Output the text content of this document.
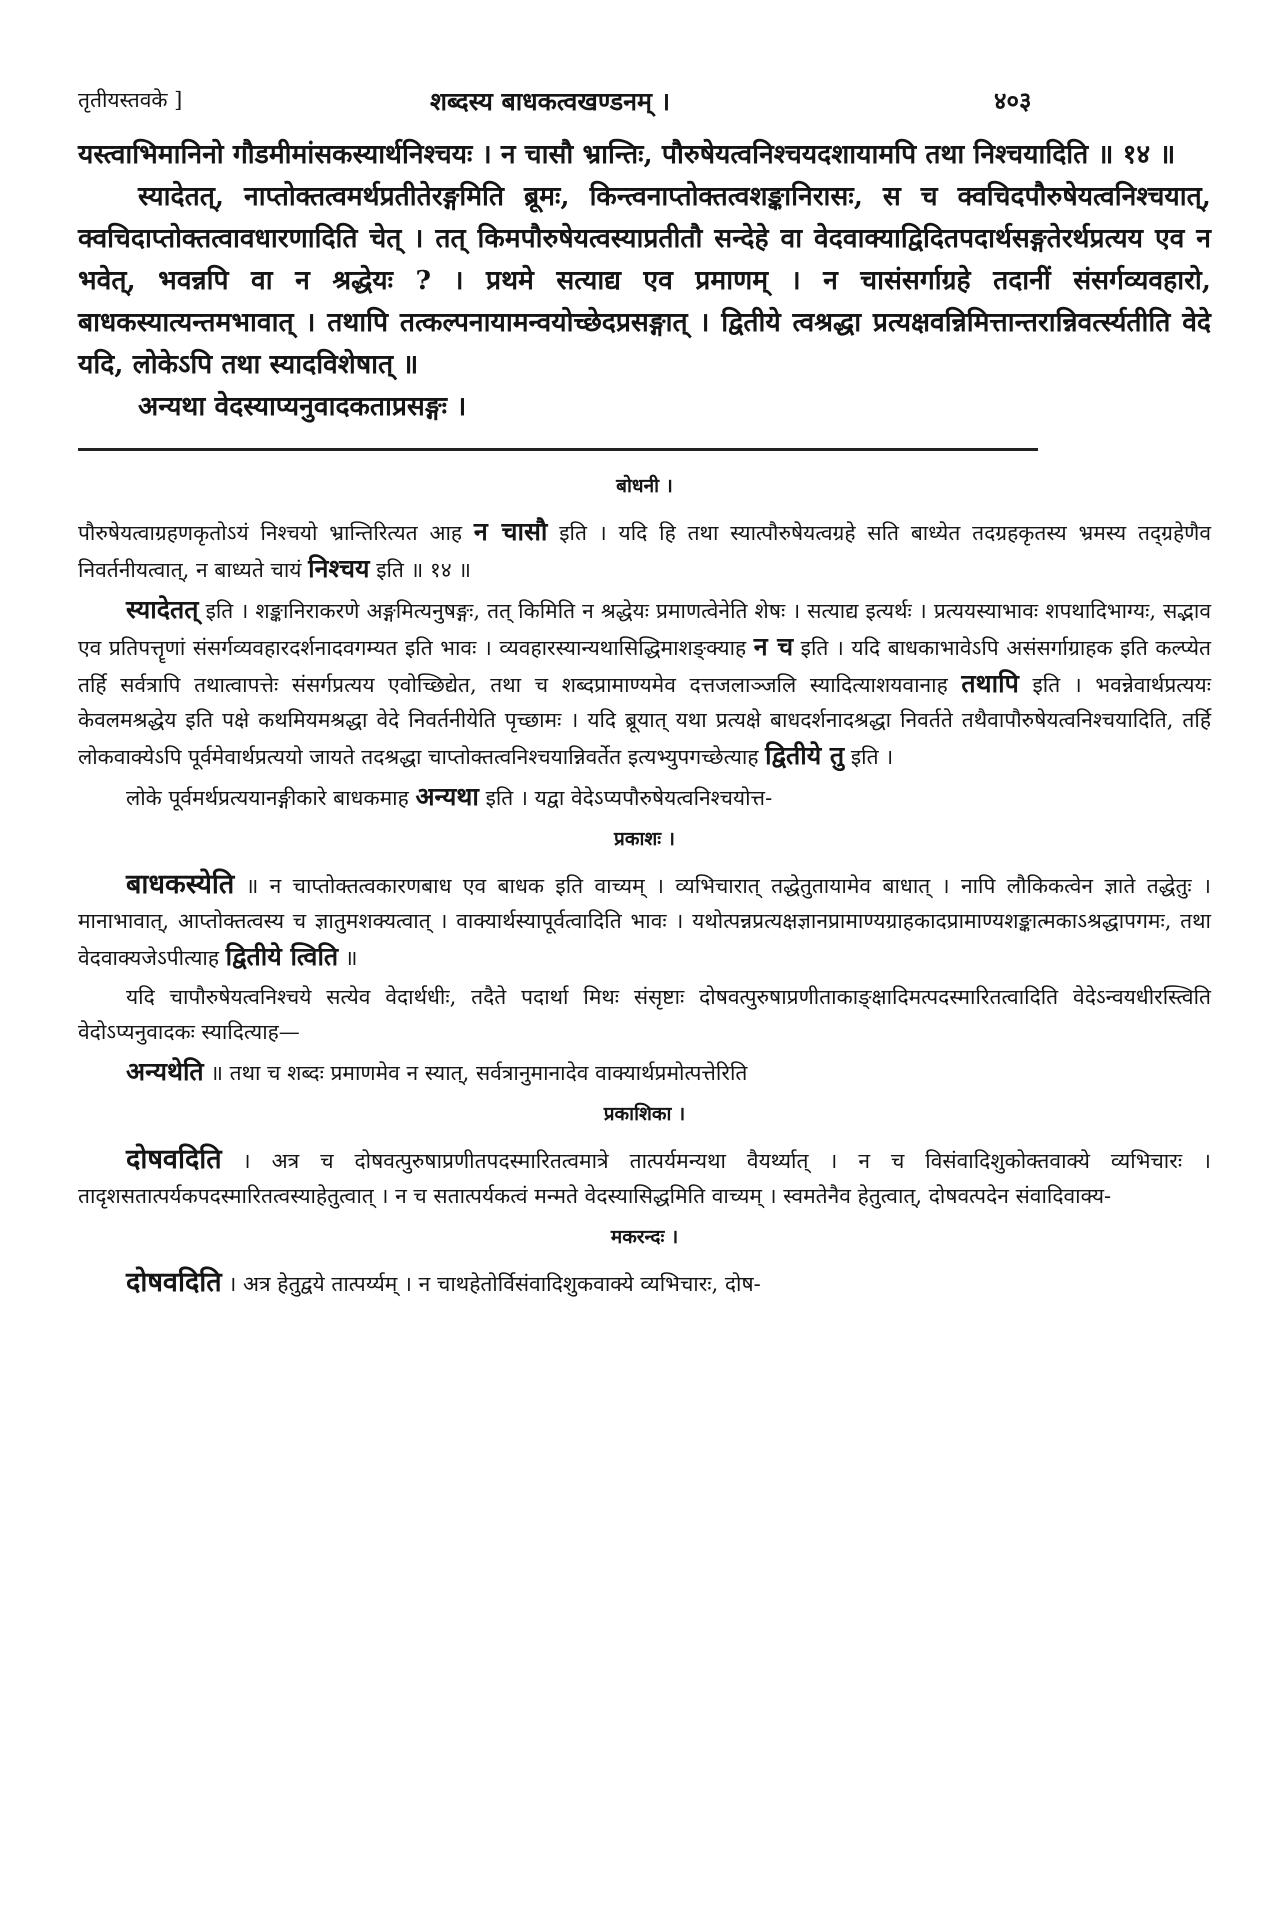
तृतीयस्तवके ]	शब्दस्य बाधकत्वखण्डनम् ।	४०३

यस्त्वाभिमानिनो गौडमीमांसकस्यार्थनिश्चयः । न चासौ भ्रान्तिः, पौरुषेयत्वनिश्चयदशायामपि तथा निश्चयादिति ॥ १४ ॥

स्यादेतत्, नाप्तोक्तत्वमर्थप्रतीतेरङ्गमिति ब्रूमः, किन्त्वनाप्तोक्तत्वशङ्कानिरासः, स च क्वचिदपौरुषेयत्वनिश्चयात्, क्वचिदाप्तोक्तत्वावधारणादिति चेत् । तत् किमपौरुषेयत्वस्याप्रतीतौ सन्देहे वा वेदवाक्याद्विदितपदार्थसङ्गतेरर्थप्रत्यय एव न भवेत्, भवन्नपि वा न श्रद्धेयः ? । प्रथमे सत्याद्य एव प्रमाणम् । न चासंसर्गाग्रहे तदानीं संसर्गव्यवहारो, बाधकस्यात्यन्तमभावात् । तथापि तत्कल्पनायामन्वयोच्छेदप्रसङ्गात् । द्वितीये त्वश्रद्धा प्रत्यक्षवन्निमित्तान्तरान्निवर्त्स्यतीति वेदे यदि, लोकेऽपि तथा स्यादविशेषात् ॥

अन्यथा वेदस्याप्यनुवादकताप्रसङ्गः ।

बोधनी ।

पौरुषेयत्वाग्रहणकृतोऽयं निश्चयो भ्रान्तिरित्यत आह न चासौ इति । यदि हि तथा स्यात्पौरुषेयत्वग्रहे सति बाध्येत तदग्रहकृतस्य भ्रमस्य तद्ग्रहेणैव निवर्तनीयत्वात्, न बाध्यते चायं निश्चय इति ॥ १४ ॥

स्यादेतत् इति । शङ्कानिराकरणे अङ्गमित्यनुषङ्गः, तत् किमिति न श्रद्धेयः प्रमाणत्वेनेति शेषः । सत्याद्य इत्यर्थः । प्रत्ययस्याभावः शपथादिभाग्यः, सद्भाव एव प्रतिपत्तॄणां संसर्गव्यवहारदर्शनादवगम्यत इति भावः । व्यवहारस्यान्यथासिद्धिमाशङ्क्याह न च इति । यदि बाधकाभावेऽपि असंसर्गाग्राहक इति कल्प्येत तर्हि सर्वत्रापि तथात्वापत्तेः संसर्गप्रत्यय एवोच्छिद्येत, तथा च शब्दप्रामाण्यमेव दत्तजलाञ्जलि स्यादित्याशयवानाह तथापि इति । भवन्नेवार्थप्रत्ययः केवलमश्रद्धेय इति पक्षे कथमियमश्रद्धा वेदे निवर्तनीयेति पृच्छामः । यदि ब्रूयात् यथा प्रत्यक्षे बाधदर्शनादश्रद्धा निवर्तते तथैवापौरुषेयत्वनिश्चयादिति, तर्हि लोकवाक्येऽपि पूर्वमेवार्थप्रत्ययो जायते तदश्रद्धा चाप्तोक्तत्वनिश्चयान्निवर्तेत इत्यभ्युपगच्छेत्याह द्वितीये तु इति ।

लोके पूर्वमर्थप्रत्ययानङ्गीकारे बाधकमाह अन्यथा इति । यद्वा वेदेऽप्यपौरुषेयत्वनिश्चयोत्त-

प्रकाशः ।

बाधकस्येति ॥ न चाप्तोक्तत्वकारणबाध एव बाधक इति वाच्यम् । व्यभिचारात् तद्धेतुतायामेव बाधात् । नापि लौकिकत्वेन ज्ञाते तद्धेतुः । मानाभावात्, आप्तोक्तत्वस्य च ज्ञातुमशक्यत्वात् । वाक्यार्थस्यापूर्वत्वादिति भावः । यथोत्पन्नप्रत्यक्षज्ञानप्रामाण्यग्राहकादप्रामाण्यशङ्कात्मकाऽश्रद्धापगमः, तथा वेदवाक्यजेऽपीत्याह द्वितीये त्विति ॥

यदि चापौरुषेयत्वनिश्चये सत्येव वेदार्थधीः, तदैते पदार्था मिथः संसृष्टाः दोषवत्पुरुषाप्रणीताकाङ्क्षादिमत्पदस्मारितत्वादिति वेदेऽन्वयधीरस्त्विति वेदोऽप्यनुवादकः स्यादित्याह—

अन्यथेति ॥ तथा च शब्दः प्रमाणमेव न स्यात्, सर्वत्रानुमानादेव वाक्यार्थप्रमोत्पत्तेरिति

प्रकाशिका ।

दोषवदिति । अत्र च दोषवत्पुरुषाप्रणीतपदस्मारितत्वमात्रे तात्पर्यमन्यथा वैयर्थ्यात् । न च विसंवादिशुकोक्तवाक्ये व्यभिचारः । तादृशसतात्पर्यकपदस्मारितत्वस्याहेतुत्वात् । न च सतात्पर्यकत्वं मन्मते वेदस्यासिद्धमिति वाच्यम् । स्वमतेनैव हेतुत्वात्, दोषवत्पदेन संवादिवाक्य-

मकरन्दः ।

दोषवदिति । अत्र हेतुद्वये तात्पर्य्यम् । न चाथहेतोर्विसंवादिशुकवाक्ये व्यभिचारः, दोष-
